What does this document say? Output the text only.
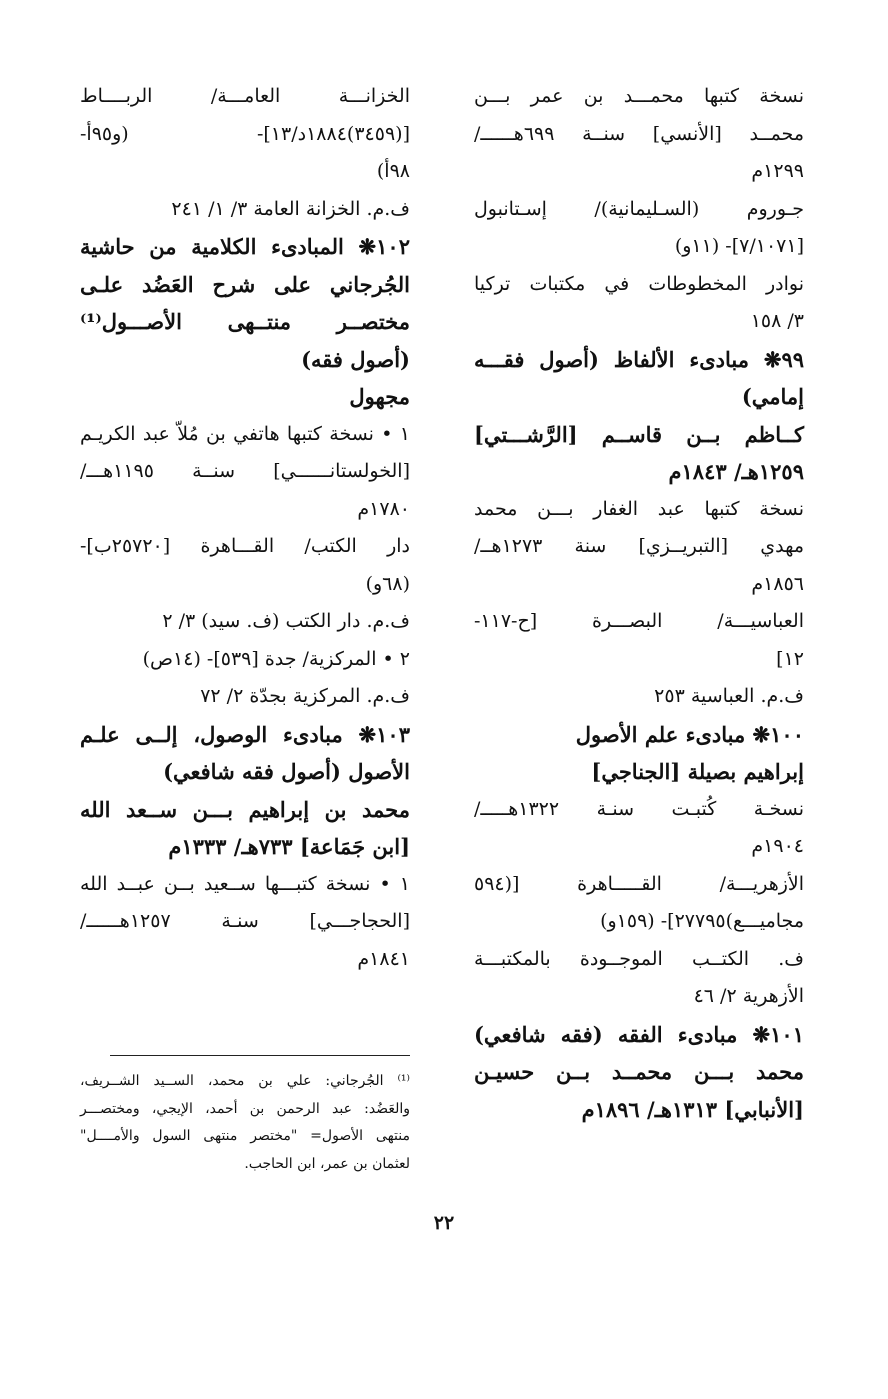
نسخة كتبها محمـــد بن عمر بـــن
محمــد [الأنسي] سنــة ٦٩٩هــــــ/
١٢٩٩م
جـوروم (السـليمانية)/ إسـتانبول
[٧/١٠٧١]- (١١و)
نوادر المخطوطات في مكتبات تركيا
٣/ ١٥٨
٩٩❋ مبادىء الألفاظ (أصول فقـــه
إمامي)
كــاظم بــن قاســم [الرَّشـــتي]
١٢٥٩هـ/ ١٨٤٣م
نسخة كتبها عبد الغفار بـــن محمد
مهدي [التبريــزي] سنة ١٢٧٣هــ/
١٨٥٦م
العباسيـــة/ البصـــرة [ح-١١٧-
١٢]
ف.م. العباسية ٢٥٣
١٠٠❋ مبادىء علم الأصول
إبراهيم بصيلة [الجناجي]
نسخـة كُتبـت سنـة ١٣٢٢هـــــ/
١٩٠٤م
الأزهريـــة/ القـــــاهرة [(٥٩٤
مجاميـــع)٢٧٧٩٥]- (١٥٩و)
ف. الكتــب الموجــودة بالمكتبـــة
الأزهرية ٢/ ٤٦
١٠١❋ مبادىء الفقه (فقه شافعي)
محمد بـــن محمــد بــن حسيـن
[الأنبابي] ١٣١٣هـ/ ١٨٩٦م
الخزانـــة العامـــة/ الربــــاط
[(٣٤٥٩)١٨٨٤د/١٣]- (و٩٥أ-
٩٨أ)
ف.م. الخزانة العامة ٣/ ١/ ٢٤١
١٠٢❋ المبادىء الكلامية من حاشية
الجُرجاني على شرح العَضُد علـى
مختصــر منتــهى الأصـــول⁽¹⁾
(أصول فقه)
مجهول
١ • نسخة كتبها هاتفي بن مُلاّ عبد الكريـم
[الخولستانــــــي] سنــة ١١٩٥هـــ/
١٧٨٠م
دار الكتب/ القـــاهرة [٢٥٧٢٠ب]-
(٦٨و)
ف.م. دار الكتب (ف. سيد) ٣/ ٢
٢ • المركزية/ جدة [٥٣٩]- (١٤ص)
ف.م. المركزية بجدّة ٢/ ٧٢
١٠٣❋ مبادىء الوصول، إلــى علـم
الأصول (أصول فقه شافعي)
محمد بن إبراهيم بـــن ســعد الله
[ابن جَمَاعة] ٧٣٣هـ/ ١٣٣٣م
١ • نسخة كتبـــها ســعيد بــن عبــد الله
[الحجاجـــي] سنـة ١٢٥٧هــــــ/
١٨٤١م
⁽¹⁾ الجُرجاني: علي بن محمد، الســيد الشــريف،
والعَضُد: عبد الرحمن بن أحمد، الإيجي، ومختصـــر
منتهى الأصول= "مختصر منتهى السول والأمــــل"
لعثمان بن عمر، ابن الحاجب.
٢٢
